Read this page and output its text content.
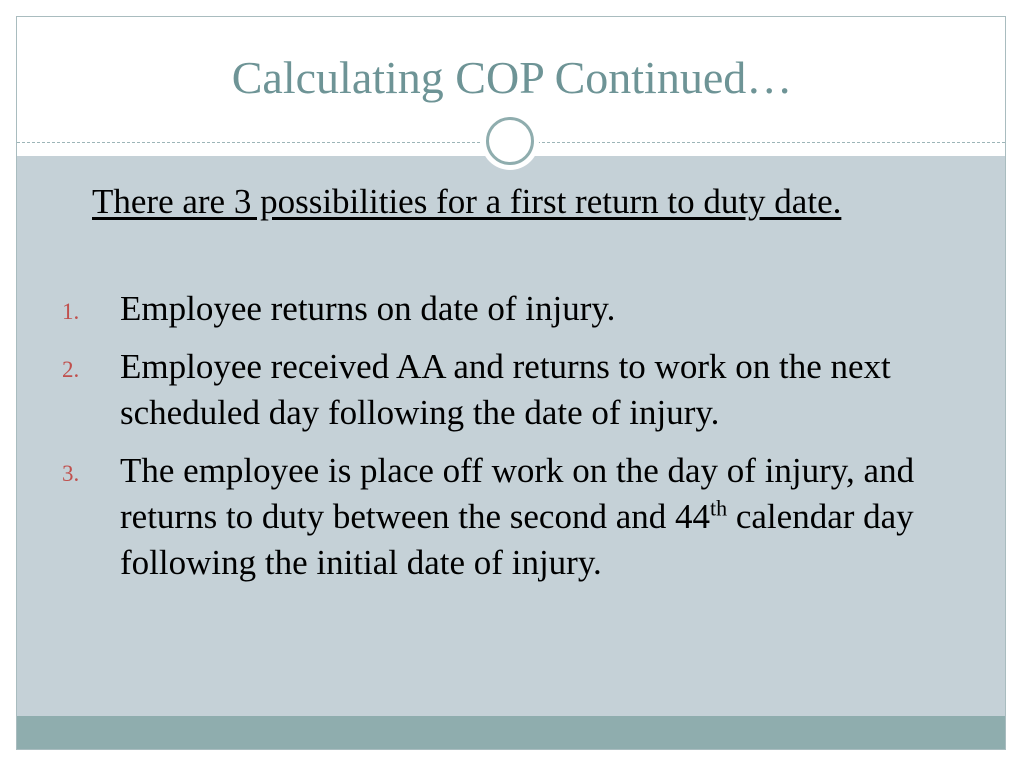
Calculating COP Continued…
There are 3 possibilities for a first return to duty date.
1. Employee returns on date of injury.
2. Employee received AA and returns to work on the next scheduled day following the date of injury.
3. The employee is place off work on the day of injury, and returns to duty between the second and 44th calendar day following the initial date of injury.
